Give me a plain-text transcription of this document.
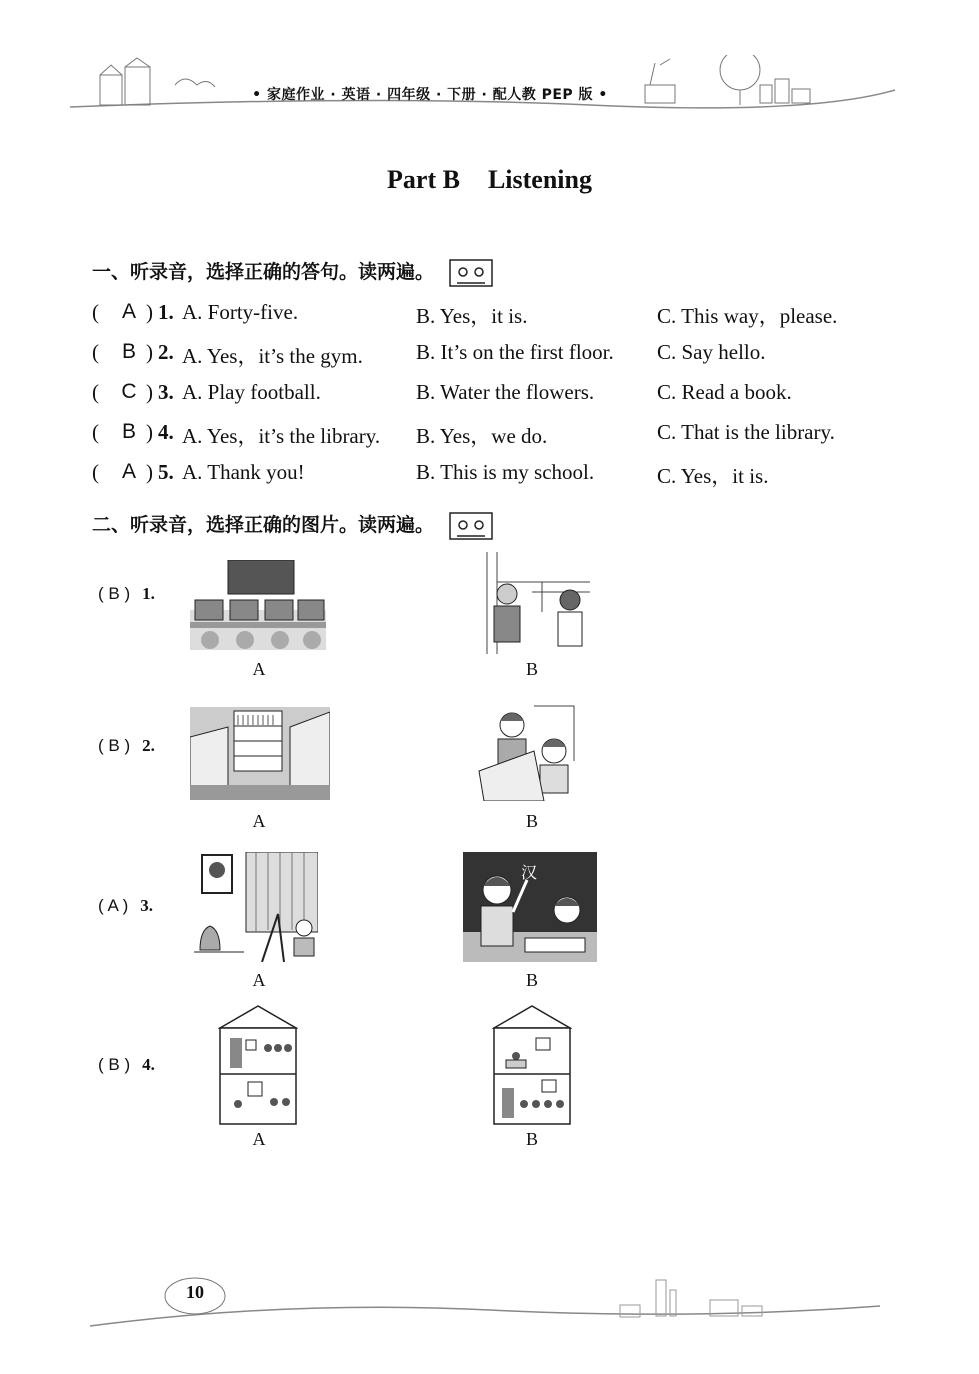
• 家庭作业 · 英语 · 四年级 · 下册 · 配人教 PEP 版 •
Part B Listening
一、听录音，选择正确的答句。读两遍。
( A ) 1. A. Forty-five.	B. Yes，it is.	C. This way，please.
( B ) 2. A. Yes，it’s the gym.	B. It’s on the first floor. C. Say hello.
( C ) 3. A. Play football.	B. Water the flowers.	C. Read a book.
( B ) 4. A. Yes，it’s the library. B. Yes，we do.	C. That is the library.
( A ) 5. A. Thank you!	B. This is my school.	C. Yes，it is.
二、听录音，选择正确的图片。读两遍。
( B ) 1.
A	B
( B ) 2.
A	B
( A ) 3.
A
汉
B
( B ) 4.
A	B
10
